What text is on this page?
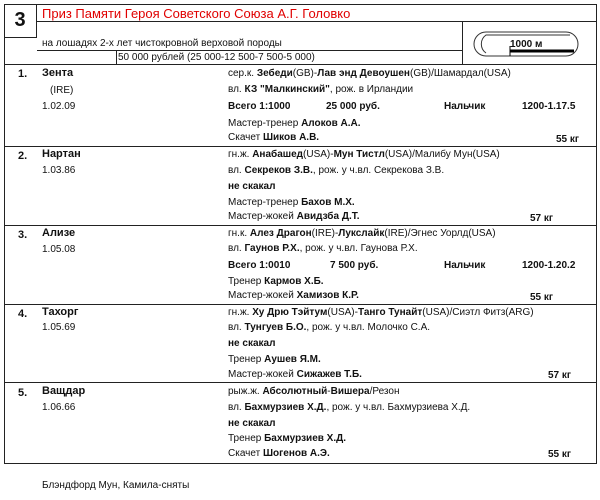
3	Приз Памяти Героя Советского Союза А.Г. Головко
на лошадях 2-х лет чистокровной верховой породы
50 000 рублей (25 000-12 500-7 500-5 000)
1000 м
1. Зента
(IRE)
1.02.09
сер.к. Зебеди(GB)-Лав энд Девоушен(GB)/Шамардал(USA)
вл. КЗ "Малкинский", рож. в Ирландии
Всего 1:1000	25 000 руб.	Нальчик	1200-1.17.5
Мастер-тренер Алоков А.А.
Скачет Шиков А.В.	55 кг
2. Нартан
1.03.86
гн.ж. Анабашед(USA)-Мун Тистл(USA)/Малибу Мун(USA)
вл. Секреков З.В., рож. у ч.вл. Секрекова З.В.
не скакал
Мастер-тренер Бахов М.Х.
Мастер-жокей Авидзба Д.Т.	57 кг
3. Ализе
1.05.08
гн.к. Алез Драгон(IRE)-Лукслайк(IRE)/Эгнес Уорлд(USA)
вл. Гаунов Р.Х., рож. у ч.вл. Гаунова Р.Х.
Всего 1:0010	7 500 руб.	Нальчик	1200-1.20.2
Тренер Кармов Х.Б.
Мастер-жокей Хамизов К.Р.	55 кг
4. Тахорг
1.05.69
гн.ж. Ху Дрю Тэйтум(USA)-Танго Тунайт(USA)/Сиэтл Фитз(ARG)
вл. Тунгуев Б.О., рож. у ч.вл. Молочко С.А.
не скакал
Тренер Аушев Я.М.
Мастер-жокей Сижажев Т.Б.	57 кг
5. Ващдар
1.06.66
рыж.ж. Абсолютный-Вишера/Резон
вл. Бахмурзиев Х.Д., рож. у ч.вл. Бахмурзиева Х.Д.
не скакал
Тренер Бахмурзиев Х.Д.
Скачет Шогенов А.Э.	55 кг
Блэндфорд Мун, Камила-сняты
